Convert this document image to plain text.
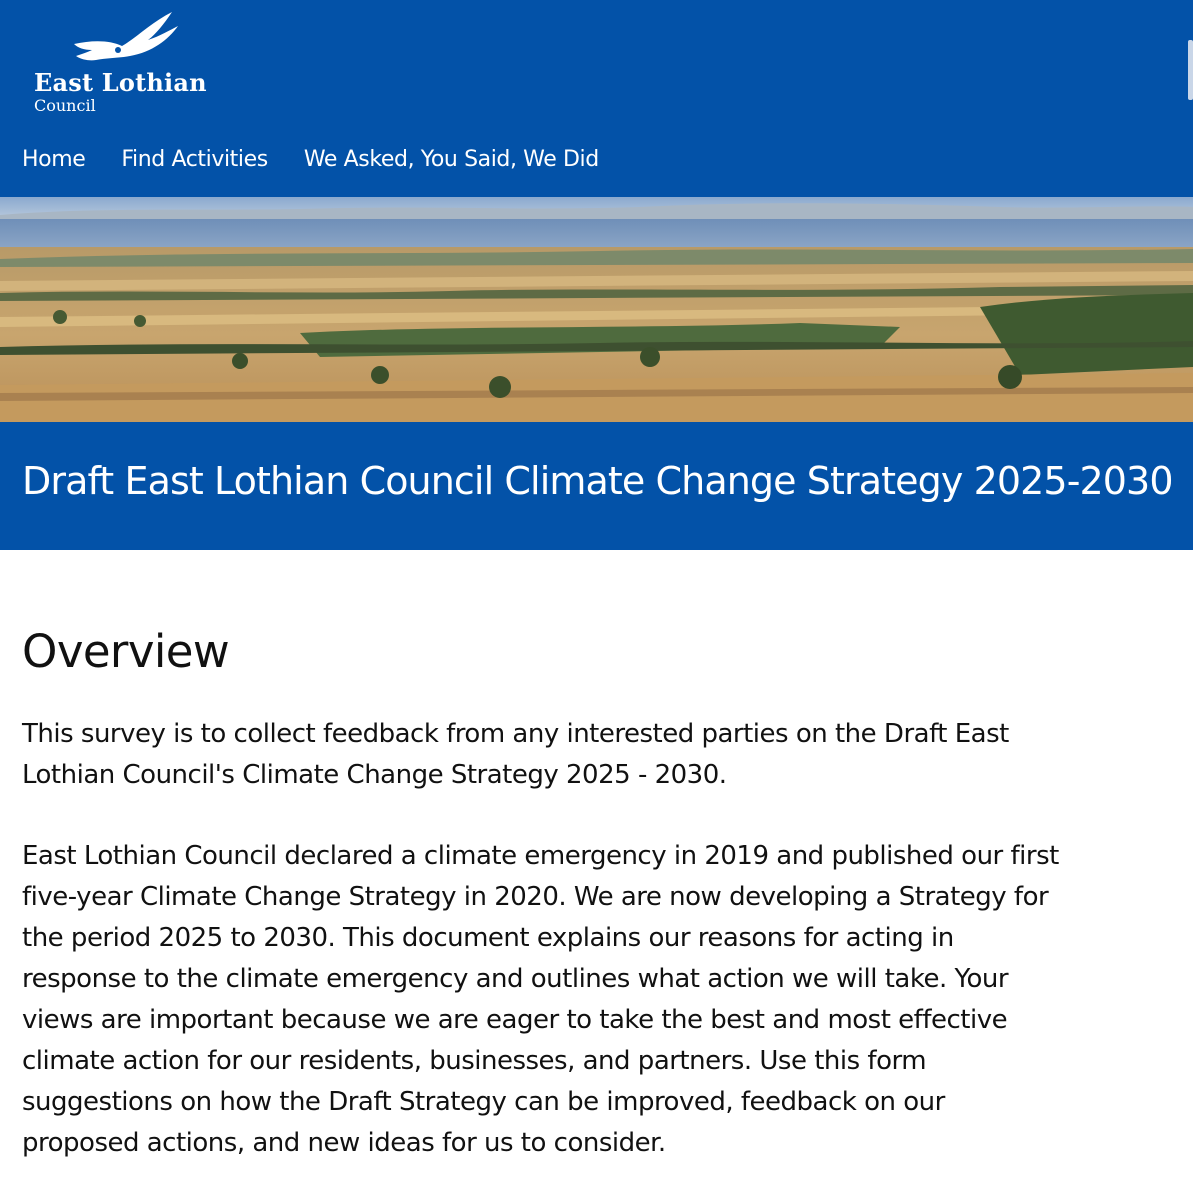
East Lothian
Council
Home Find Activities We Asked, You Said, We Did
Draft East Lothian Council Climate Change Strategy 2025-2030
Overview

This survey is to collect feedback from any interested parties on the Draft East Lothian Council's Climate Change Strategy 2025 - 2030.

East Lothian Council declared a climate emergency in 2019 and published our first five-year Climate Change Strategy in 2020. We are now developing a Strategy for the period 2025 to 2030. This document explains our reasons for acting in response to the climate emergency and outlines what action we will take. Your views are important because we are eager to take the best and most effective climate action for our residents, businesses, and partners. Use this form suggestions on how the Draft Strategy can be improved, feedback on our proposed actions, and new ideas for us to consider.
